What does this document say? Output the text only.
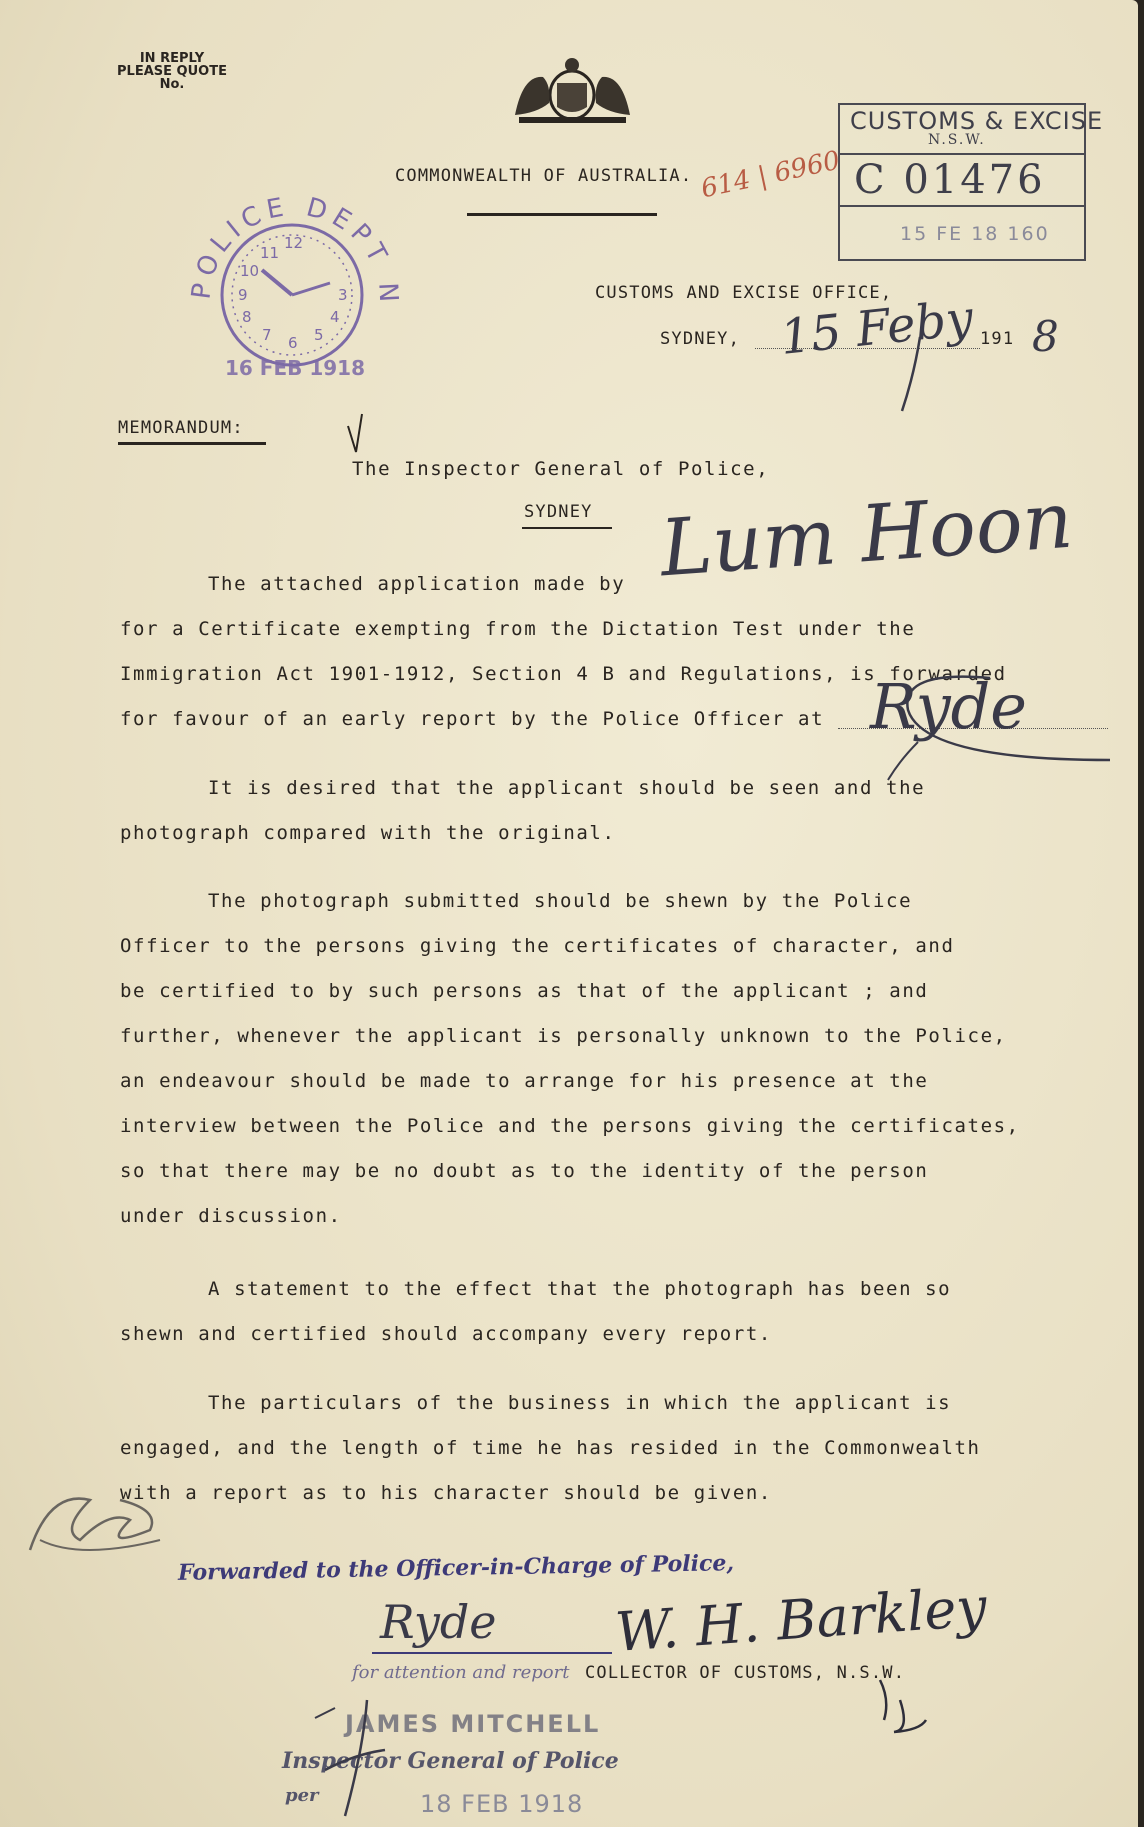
IN REPLY
PLEASE QUOTE
No.
COMMONWEALTH OF AUSTRALIA. 614 | 6960
CUSTOMS & EXCISE
N.S.W.
C 01476
15 FE 18 160
POLICE DEPT N
12
3
6
9
11
10
8
7	5
4
16 FEB 1918
CUSTOMS AND EXCISE OFFICE,
SYDNEY, 15 Feby 191 8
MEMORANDUM:
The Inspector General of Police,
SYDNEY Lum Hoon
The attached application made by
for a Certificate exempting from the Dictation Test under the
Immigration Act 1901-1912, Section 4 B and Regulations, is forwarded
for favour of an early report by the Police Officer at Ryde
It is desired that the applicant should be seen and the
photograph compared with the original.
The photograph submitted should be shewn by the Police
Officer to the persons giving the certificates of character, and
be certified to by such persons as that of the applicant ; and
further, whenever the applicant is personally unknown to the Police,
an endeavour should be made to arrange for his presence at the
interview between the Police and the persons giving the certificates,
so that there may be no doubt as to the identity of the person
under discussion.
A statement to the effect that the photograph has been so
shewn and certified should accompany every report.
The particulars of the business in which the applicant is
engaged, and the length of time he has resided in the Commonwealth
with a report as to his character should be given.
Forwarded to the Officer-in-Charge of Police,
Ryde
for attention and report
W. H. Barkley
COLLECTOR OF CUSTOMS, N.S.W.
JAMES MITCHELL
Inspector General of Police
per	18 FEB 1918
